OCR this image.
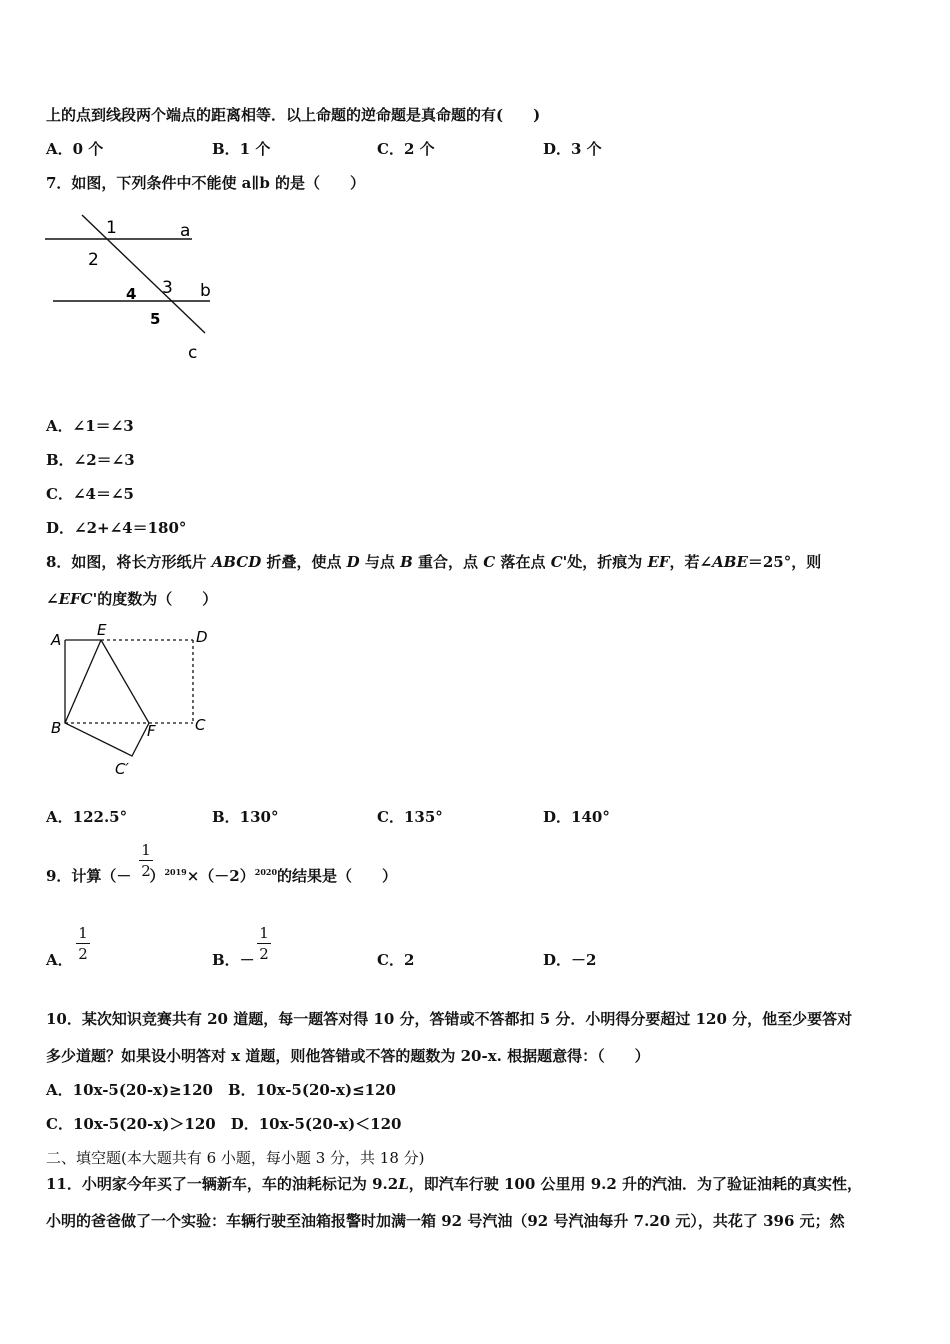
上的点到线段两个端点的距离相等．以上命题的逆命题是真命题的有(　　)
A．0 个	B．1 个	C．2 个	D．3 个
7．如图，下列条件中不能使 a∥b 的是（　　）
1	a
2
3 b
4
5
c
A．∠1＝∠3
B．∠2＝∠3
C．∠4＝∠5
D．∠2+∠4＝180°
8．如图，将长方形纸片 ABCD 折叠，使点 D 与点 B 重合，点 C 落在点 C'处，折痕为 EF，若∠ABE＝25°，则
∠EFC'的度数为（　　）
A
E	D
B	F	C
C′
A．122.5°	B．130°	C．135°	D．140°
9．计算（－ ）$^{2019}\times(-2)^{2020}$的结果是（　　）
1
2
A．
1
2	B．－
1
2	C．2	D．－2
10．某次知识竞赛共有 20 道题，每一题答对得 10 分，答错或不答都扣 5 分．小明得分要超过 120 分，他至少要答对
多少道题？如果设小明答对 x 道题，则他答错或不答的题数为 20-x. 根据题意得：（　　）
A．10x-5(20-x)≥120　B．10x-5(20-x)≤120
C．10x-5(20-x)＞120　D．10x-5(20-x)＜120
二、填空题(本大题共有 6 小题，每小题 3 分，共 18 分)
11．小明家今年买了一辆新车，车的油耗标记为 9.2L，即汽车行驶 100 公里用 9.2 升的汽油．为了验证油耗的真实性，
小明的爸爸做了一个实验：车辆行驶至油箱报警时加满一箱 92 号汽油（92 号汽油每升 7.20 元），共花了 396 元；然
